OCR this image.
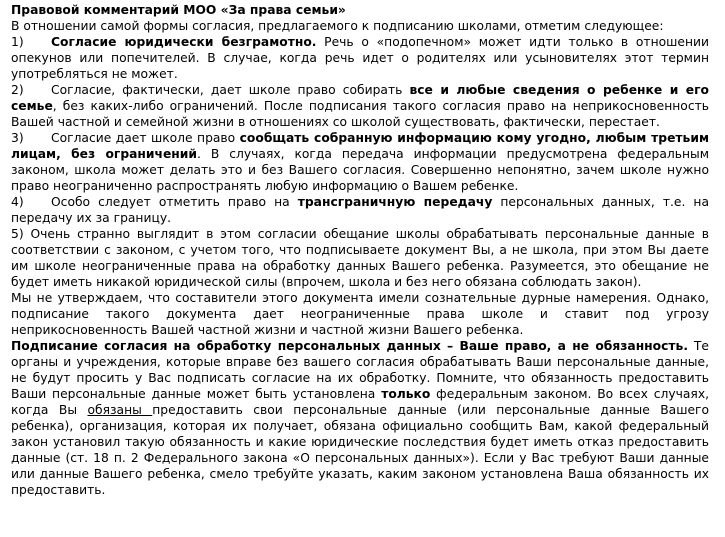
Правовой комментарий МОО «За права семьи»

В отношении самой формы согласия, предлагаемого к подписанию школами, отметим следующее:

1) Согласие юридически безграмотно. Речь о «подопечном» может идти только в отношении опекунов или попечителей. В случае, когда речь идет о родителях или усыновителях этот термин употребляться не может.

2) Согласие, фактически, дает школе право собирать все и любые сведения о ребенке и его семье, без каких-либо ограничений. После подписания такого согласия право на неприкосновенность Вашей частной и семейной жизни в отношениях со школой существовать, фактически, перестает.

3) Согласие дает школе право сообщать собранную информацию кому угодно, любым третьим лицам, без ограничений. В случаях, когда передача информации предусмотрена федеральным законом, школа может делать это и без Вашего согласия. Совершенно непонятно, зачем школе нужно право неограниченно распространять любую информацию о Вашем ребенке.

4) Особо следует отметить право на трансграничную передачу персональных данных, т.е. на передачу их за границу.

5) Очень странно выглядит в этом согласии обещание школы обрабатывать персональные данные в соответствии с законом, с учетом того, что подписываете документ Вы, а не школа, при этом Вы даете им школе неограниченные права на обработку данных Вашего ребенка. Разумеется, это обещание не будет иметь никакой юридической силы (впрочем, школа и без него обязана соблюдать закон).

Мы не утверждаем, что составители этого документа имели сознательные дурные намерения. Однако, подписание такого документа дает неограниченные права школе и ставит под угрозу неприкосновенность Вашей частной жизни и частной жизни Вашего ребенка.

Подписание согласия на обработку персональных данных – Ваше право, а не обязанность. Те органы и учреждения, которые вправе без вашего согласия обрабатывать Ваши персональные данные, не будут просить у Вас подписать согласие на их обработку. Помните, что обязанность предоставить Ваши персональные данные может быть установлена только федеральным законом. Во всех случаях, когда Вы обязаны предоставить свои персональные данные (или персональные данные Вашего ребенка), организация, которая их получает, обязана официально сообщить Вам, какой федеральный закон установил такую обязанность и какие юридические последствия будет иметь отказ предоставить данные (ст. 18 п. 2 Федерального закона «О персональных данных»). Если у Вас требуют Ваши данные или данные Вашего ребенка, смело требуйте указать, каким законом установлена Ваша обязанность их предоставить.
